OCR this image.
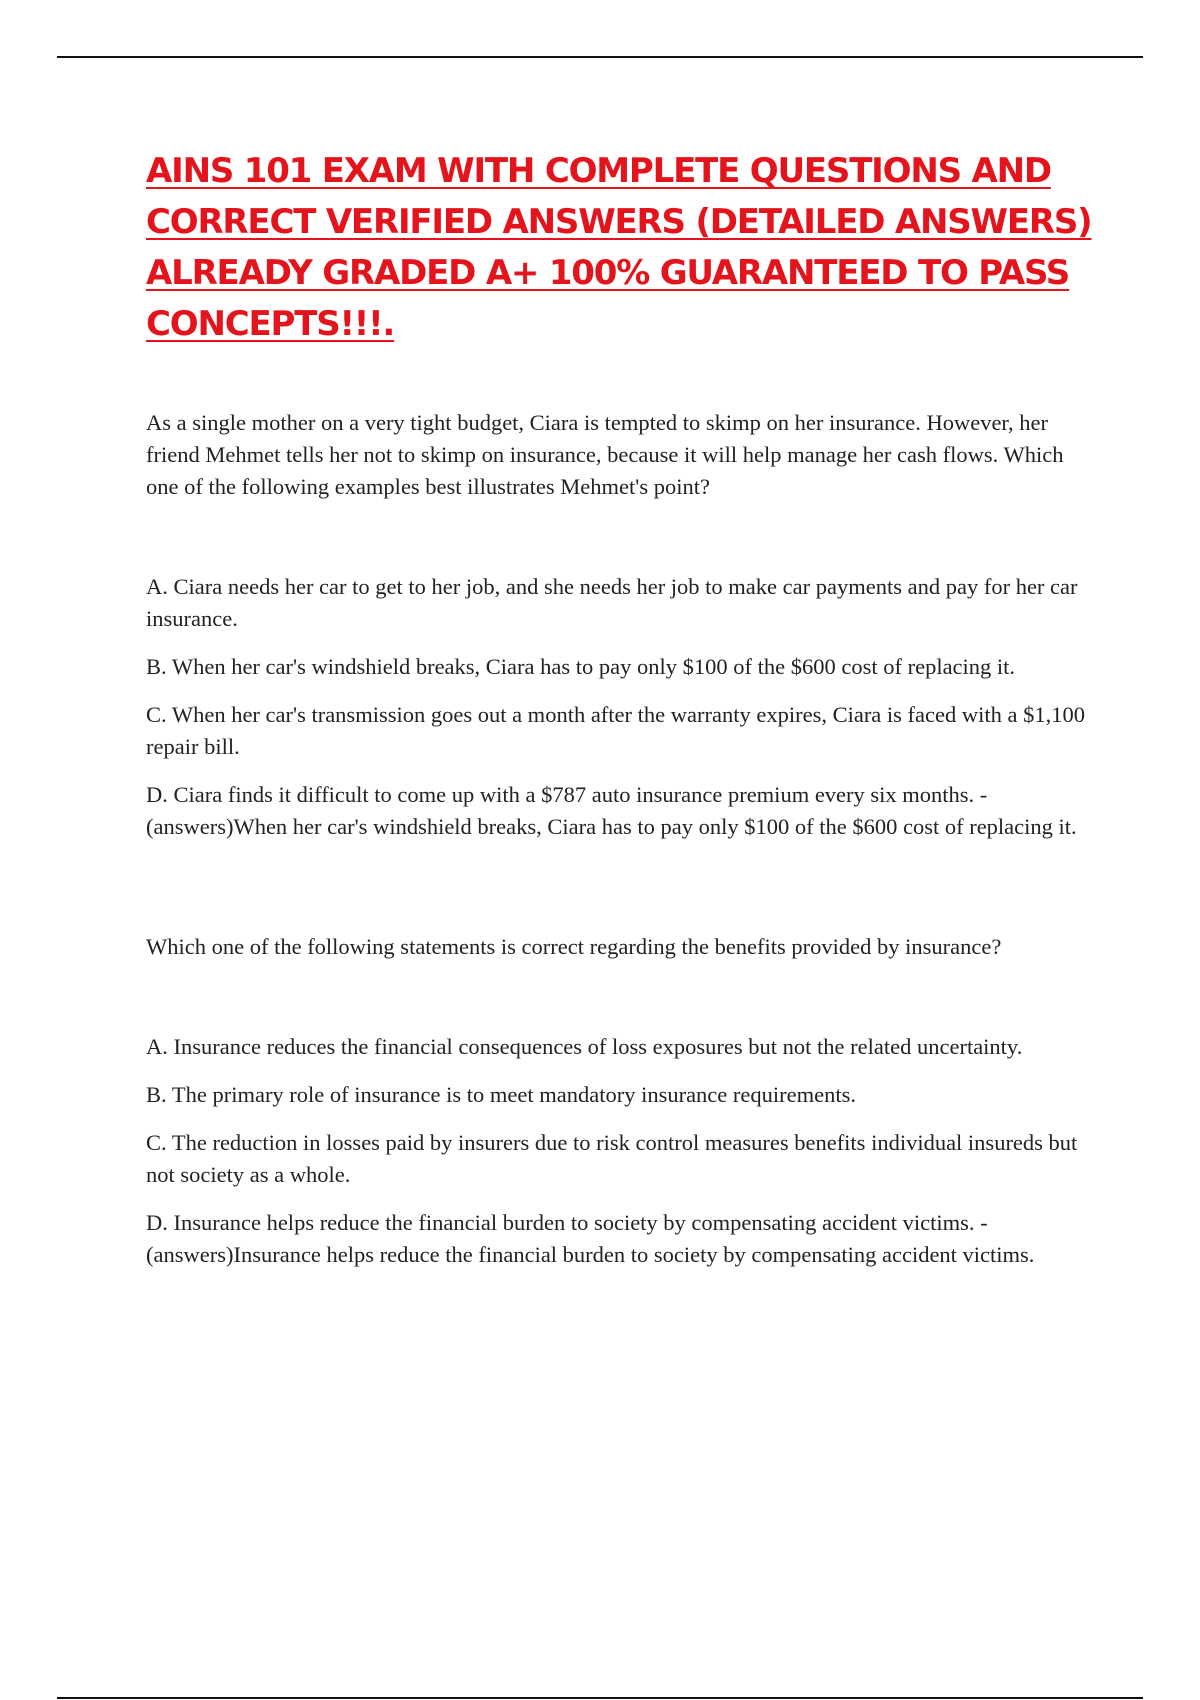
AINS 101 EXAM WITH COMPLETE QUESTIONS AND CORRECT VERIFIED ANSWERS (DETAILED ANSWERS) ALREADY GRADED A+ 100% GUARANTEED TO PASS CONCEPTS!!!.

As a single mother on a very tight budget, Ciara is tempted to skimp on her insurance. However, her friend Mehmet tells her not to skimp on insurance, because it will help manage her cash flows. Which one of the following examples best illustrates Mehmet's point?

A. Ciara needs her car to get to her job, and she needs her job to make car payments and pay for her car insurance.

B. When her car's windshield breaks, Ciara has to pay only $100 of the $600 cost of replacing it.

C. When her car's transmission goes out a month after the warranty expires, Ciara is faced with a $1,100 repair bill.

D. Ciara finds it difficult to come up with a $787 auto insurance premium every six months. - (answers)When her car's windshield breaks, Ciara has to pay only $100 of the $600 cost of replacing it.

Which one of the following statements is correct regarding the benefits provided by insurance?

A. Insurance reduces the financial consequences of loss exposures but not the related uncertainty.

B. The primary role of insurance is to meet mandatory insurance requirements.

C. The reduction in losses paid by insurers due to risk control measures benefits individual insureds but not society as a whole.

D. Insurance helps reduce the financial burden to society by compensating accident victims. - (answers)Insurance helps reduce the financial burden to society by compensating accident victims.
